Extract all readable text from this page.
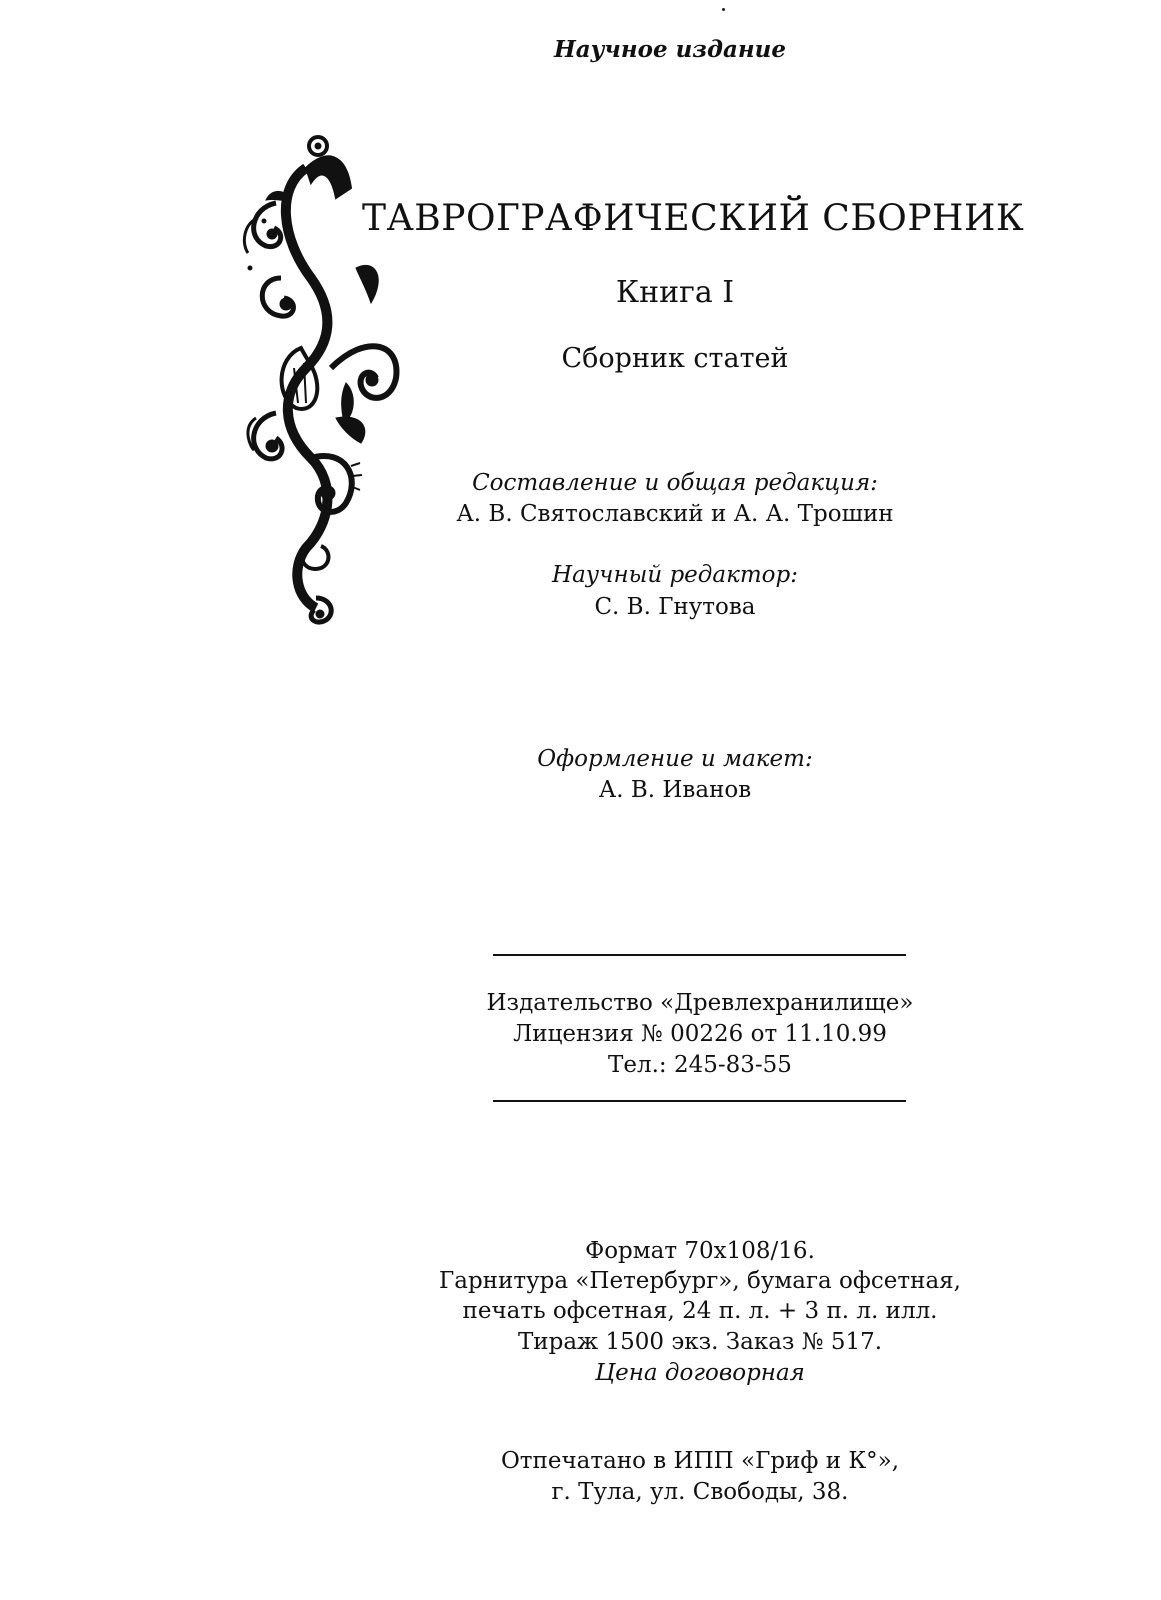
Научное издание
ТАВРОГРАФИЧЕСКИЙ СБОРНИК
Книга I
Сборник статей
Составление и общая редакция:
А. В. Святославский и А. А. Трошин
Научный редактор:
С. В. Гнутова
Оформление и макет:
А. В. Иванов
Издательство «Древлехранилище»
Лицензия № 00226 от 11.10.99
Тел.: 245-83-55
Формат 70x108/16.
Гарнитура «Петербург», бумага офсетная,
печать офсетная, 24 п. л. + 3 п. л. илл.
Тираж 1500 экз. Заказ № 517.
Цена договорная
Отпечатано в ИПП «Гриф и К°»,
г. Тула, ул. Свободы, 38.
